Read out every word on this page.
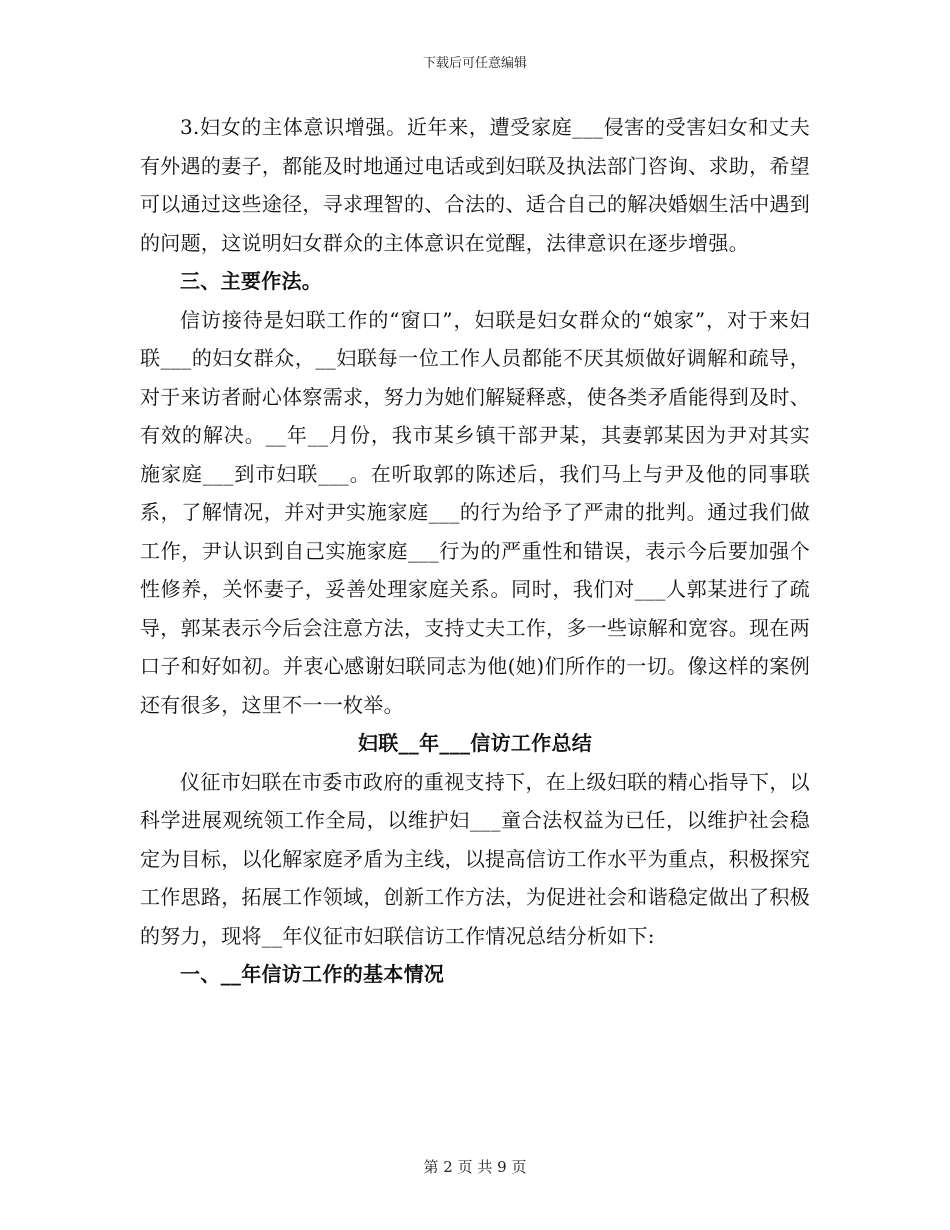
下载后可任意编辑

3.妇女的主体意识增强。近年来，遭受家庭___侵害的受害妇女和丈夫有外遇的妻子，都能及时地通过电话或到妇联及执法部门咨询、求助，希望可以通过这些途径，寻求理智的、合法的、适合自己的解决婚姻生活中遇到的问题，这说明妇女群众的主体意识在觉醒，法律意识在逐步增强。

三、主要作法。

信访接待是妇联工作的“窗口”，妇联是妇女群众的“娘家”，对于来妇联___的妇女群众，__妇联每一位工作人员都能不厌其烦做好调解和疏导，对于来访者耐心体察需求，努力为她们解疑释惑，使各类矛盾能得到及时、有效的解决。__年__月份，我市某乡镇干部尹某，其妻郭某因为尹对其实施家庭___到市妇联___。在听取郭的陈述后，我们马上与尹及他的同事联系，了解情况，并对尹实施家庭___的行为给予了严肃的批判。通过我们做工作，尹认识到自己实施家庭___行为的严重性和错误，表示今后要加强个性修养，关怀妻子，妥善处理家庭关系。同时，我们对___人郭某进行了疏导，郭某表示今后会注意方法，支持丈夫工作，多一些谅解和宽容。现在两口子和好如初。并衷心感谢妇联同志为他(她)们所作的一切。像这样的案例还有很多，这里不一一枚举。

妇联__年___信访工作总结

仪征市妇联在市委市政府的重视支持下，在上级妇联的精心指导下，以科学进展观统领工作全局，以维护妇___童合法权益为已任，以维护社会稳定为目标，以化解家庭矛盾为主线，以提高信访工作水平为重点，积极探究工作思路，拓展工作领域，创新工作方法，为促进社会和谐稳定做出了积极的努力，现将__年仪征市妇联信访工作情况总结分析如下:

一、__年信访工作的基本情况

第 2 页 共 9 页
